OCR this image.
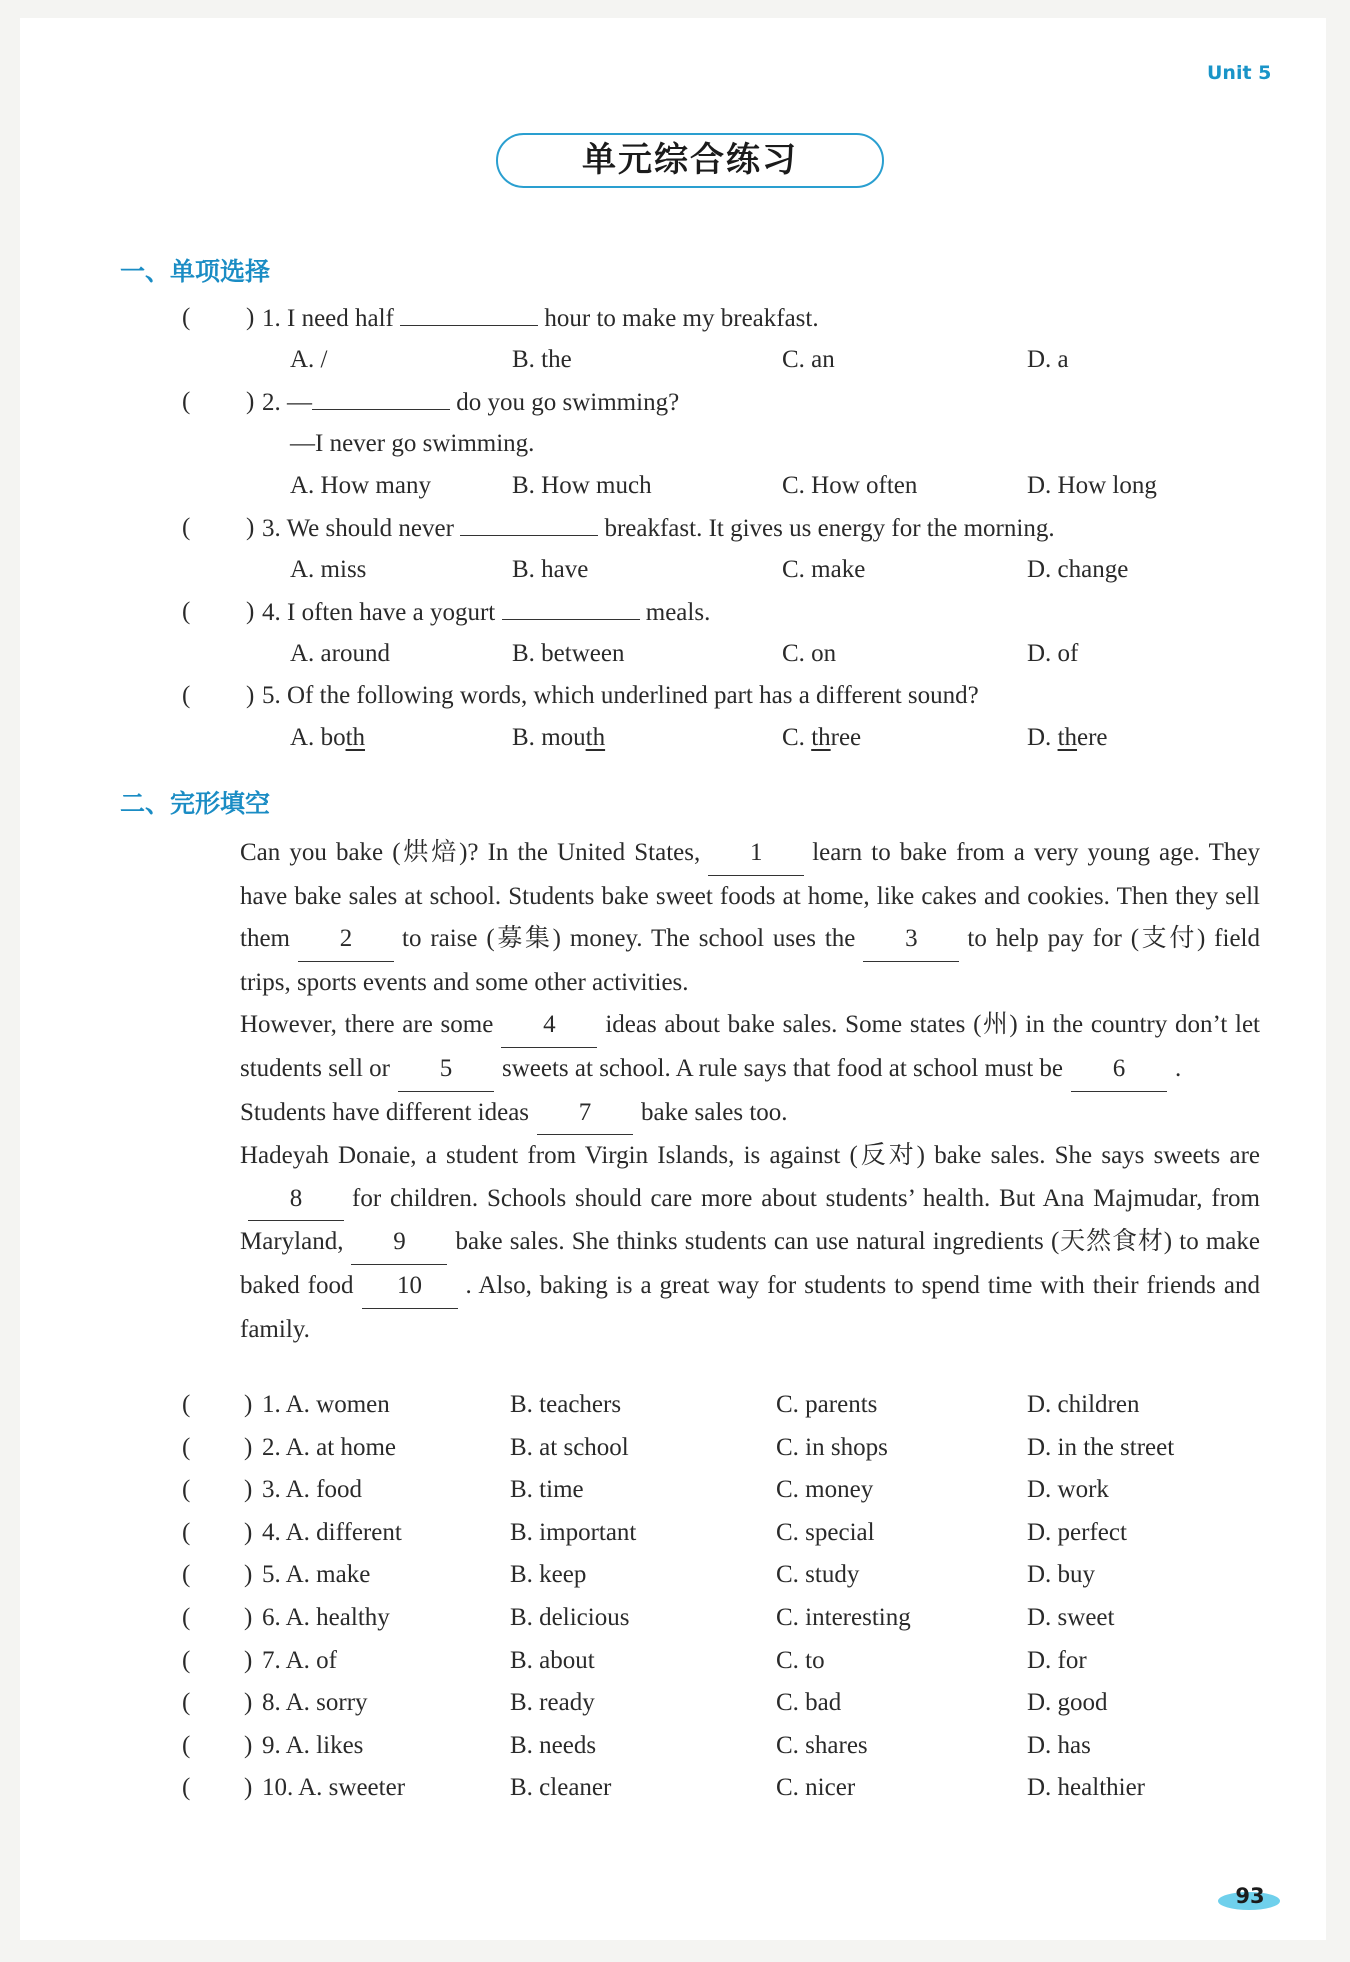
Unit 5
单元综合练习
一、单项选择
( ) 1. I need half	hour to make my breakfast.
A. /	B. the	C. an	D. a
( ) 2. —	do you go swimming?
—I never go swimming.
A. How many	B. How much	C. How often	D. How long
( ) 3. We should never	breakfast. It gives us energy for the morning.
A. miss	B. have	C. make	D. change
( ) 4. I often have a yogurt	meals.
A. around	B. between	C. on	D. of
( ) 5. Of the following words, which underlined part has a different sound?
A. both	B. mouth	C. three	D. there
二、完形填空
Can you bake (烘焙)? In the United States, 1 learn to bake from a very young age. They have bake sales at school. Students bake sweet foods at home, like cakes and cookies. Then they sell them 2 to raise (募集) money. The school uses the 3 to help pay for (支付) field trips, sports events and some other activities.
However, there are some 4 ideas about bake sales. Some states (州) in the country don’t let students sell or 5 sweets at school. A rule says that food at school must be 6 .
Students have different ideas 7 bake sales too.
Hadeyah Donaie, a student from Virgin Islands, is against (反对) bake sales. She says sweets are8 for children. Schools should care more about students’ health. But Ana Majmudar, from Maryland, 9 bake sales. She thinks students can use natural ingredients (天然食材) to make baked food 10 . Also, baking is a great way for students to spend time with their friends and family.
( ) 1. A. women	B. teachers	C. parents	D. children
( ) 2. A. at home	B. at school	C. in shops	D. in the street
( ) 3. A. food	B. time	C. money	D. work
( ) 4. A. different	B. important	C. special	D. perfect
( ) 5. A. make	B. keep	C. study	D. buy
( ) 6. A. healthy	B. delicious	C. interesting	D. sweet
( ) 7. A. of	B. about	C. to	D. for
( ) 8. A. sorry	B. ready	C. bad	D. good
( ) 9. A. likes	B. needs	C. shares	D. has
( ) 10. A. sweeter	B. cleaner	C. nicer	D. healthier
93
